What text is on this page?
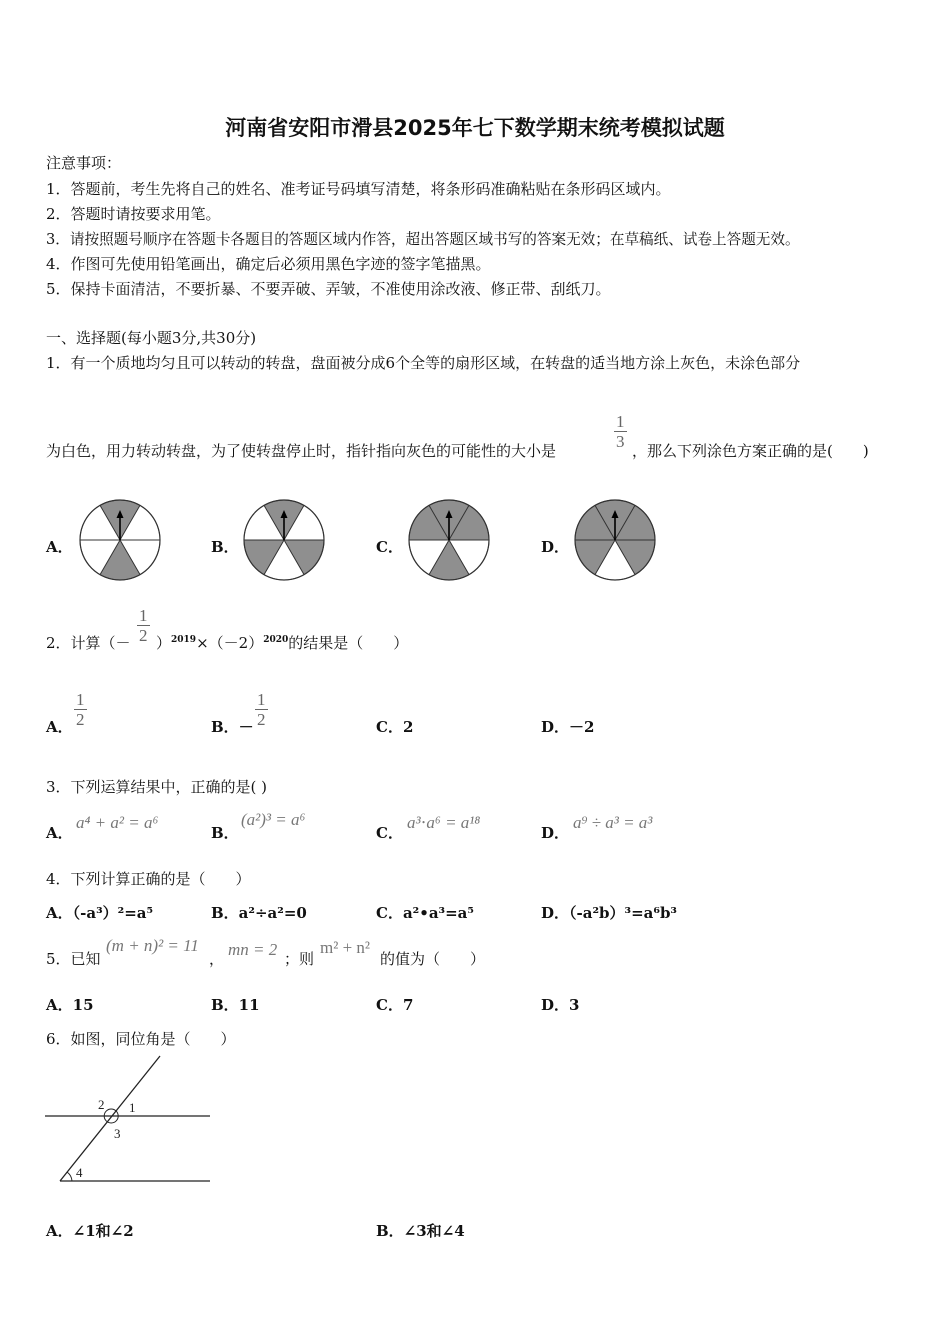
河南省安阳市滑县2025年七下数学期末统考模拟试题
注意事项：
1．答题前，考生先将自己的姓名、准考证号码填写清楚，将条形码准确粘贴在条形码区域内。
2．答题时请按要求用笔。
3．请按照题号顺序在答题卡各题目的答题区域内作答，超出答题区域书写的答案无效；在草稿纸、试卷上答题无效。
4．作图可先使用铅笔画出，确定后必须用黑色字迹的签字笔描黑。
5．保持卡面清洁，不要折暴、不要弄破、弄皱，不准使用涂改液、修正带、刮纸刀。
一、选择题(每小题3分,共30分)
1．有一个质地均匀且可以转动的转盘，盘面被分成6个全等的扇形区域，在转盘的适当地方涂上灰色，未涂色部分
为白色，用力转动转盘，为了使转盘停止时，指针指向灰色的可能性的大小是	$\frac{1}{3}$ ，那么下列涂色方案正确的是(　　)
A．	B．	C．	D．
2．计算（－ $\frac{1}{2} )^{2019}\times(-2)^{2020}$的结果是（　　）
A． $\frac{1}{2}$	B．－ $\frac{1}{2}$	C．2	D．－2
3．下列运算结果中，正确的是( )
A．
a⁴ + a² = a⁶
B．
(a²)³ = a⁶
C．
a³⋅a⁶ = a¹⁸
D．
a⁹ ÷ a³ = a³
4．下列计算正确的是（　　）
A．（-a³）²=a⁵	B．a²÷a²=0	C．a²•a³=a⁵	D．（-a²b）³=a⁶b³
5．已知
(m + n)² = 11
， mn = 2 ；则
m² + n²
的值为（　　）
A．15	B．11	C．7	D．3
6．如图，同位角是（　　）
1
2
3
4
A．∠1和∠2	B．∠3和∠4
